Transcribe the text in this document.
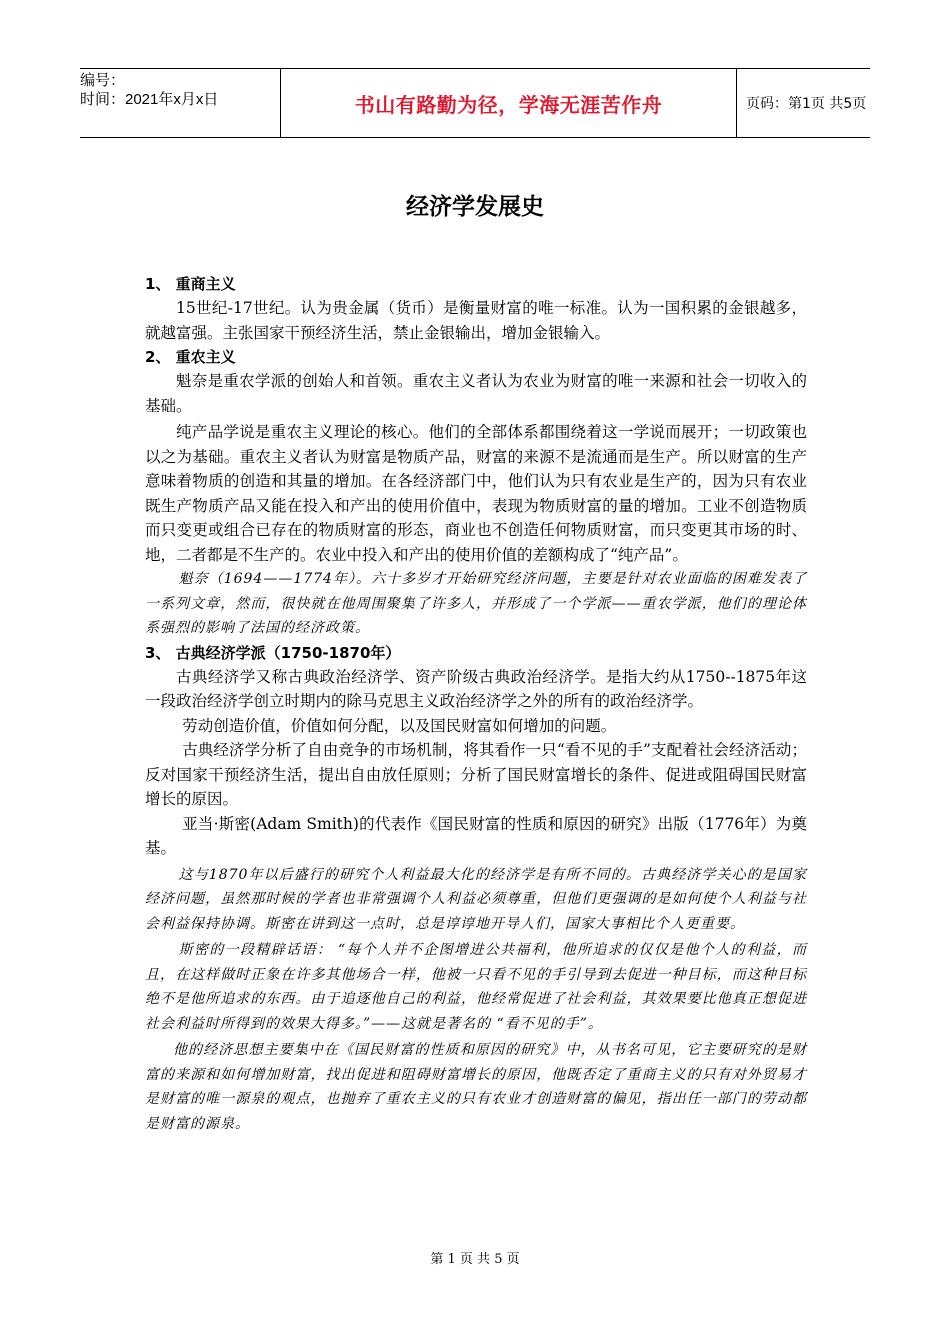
编号：
时间：2021年x月x日	书山有路勤为径，学海无涯苦作舟	页码：第1页 共5页
经济学发展史
1、 重商主义

15世纪-17世纪。认为贵金属（货币）是衡量财富的唯一标准。认为一国积累的金银越多，就越富强。主张国家干预经济生活，禁止金银输出，增加金银输入。

2、 重农主义

魁奈是重农学派的创始人和首领。重农主义者认为农业为财富的唯一来源和社会一切收入的基础。

纯产品学说是重农主义理论的核心。他们的全部体系都围绕着这一学说而展开；一切政策也以之为基础。重农主义者认为财富是物质产品，财富的来源不是流通而是生产。所以财富的生产意味着物质的创造和其量的增加。在各经济部门中，他们认为只有农业是生产的，因为只有农业既生产物质产品又能在投入和产出的使用价值中，表现为物质财富的量的增加。工业不创造物质而只变更或组合已存在的物质财富的形态，商业也不创造任何物质财富，而只变更其市场的时、地，二者都是不生产的。农业中投入和产出的使用价值的差额构成了“纯产品”。

魁奈（1694——1774年）。六十多岁才开始研究经济问题，主要是针对农业面临的困难发表了一系列文章，然而，很快就在他周围聚集了许多人，并形成了一个学派——重农学派，他们的理论体系强烈的影响了法国的经济政策。

3、 古典经济学派（1750-1870年）

古典经济学又称古典政治经济学、资产阶级古典政治经济学。是指大约从1750--1875年这一段政治经济学创立时期内的除马克思主义政治经济学之外的所有的政治经济学。

劳动创造价值，价值如何分配，以及国民财富如何增加的问题。

古典经济学分析了自由竞争的市场机制，将其看作一只“看不见的手”支配着社会经济活动；反对国家干预经济生活，提出自由放任原则；分析了国民财富增长的条件、促进或阻碍国民财富增长的原因。

亚当·斯密(Adam Smith)的代表作《国民财富的性质和原因的研究》出版（1776年）为奠基。

这与1870年以后盛行的研究个人利益最大化的经济学是有所不同的。古典经济学关心的是国家经济问题，虽然那时候的学者也非常强调个人利益必须尊重，但他们更强调的是如何使个人利益与社会利益保持协调。斯密在讲到这一点时，总是谆谆地开导人们，国家大事相比个人更重要。

斯密的一段精辟话语： “每个人并不企图增进公共福利，他所追求的仅仅是他个人的利益，而且，在这样做时正象在许多其他场合一样，他被一只看不见的手引导到去促进一种目标，而这种目标绝不是他所追求的东西。由于追逐他自己的利益，他经常促进了社会利益，其效果要比他真正想促进社会利益时所得到的效果大得多。”——这就是著名的 “看不见的手”。

他的经济思想主要集中在《国民财富的性质和原因的研究》中，从书名可见，它主要研究的是财富的来源和如何增加财富，找出促进和阻碍财富增长的原因，他既否定了重商主义的只有对外贸易才是财富的唯一源泉的观点，也抛弃了重农主义的只有农业才创造财富的偏见，指出任一部门的劳动都是财富的源泉。

第 1 页 共 5 页
